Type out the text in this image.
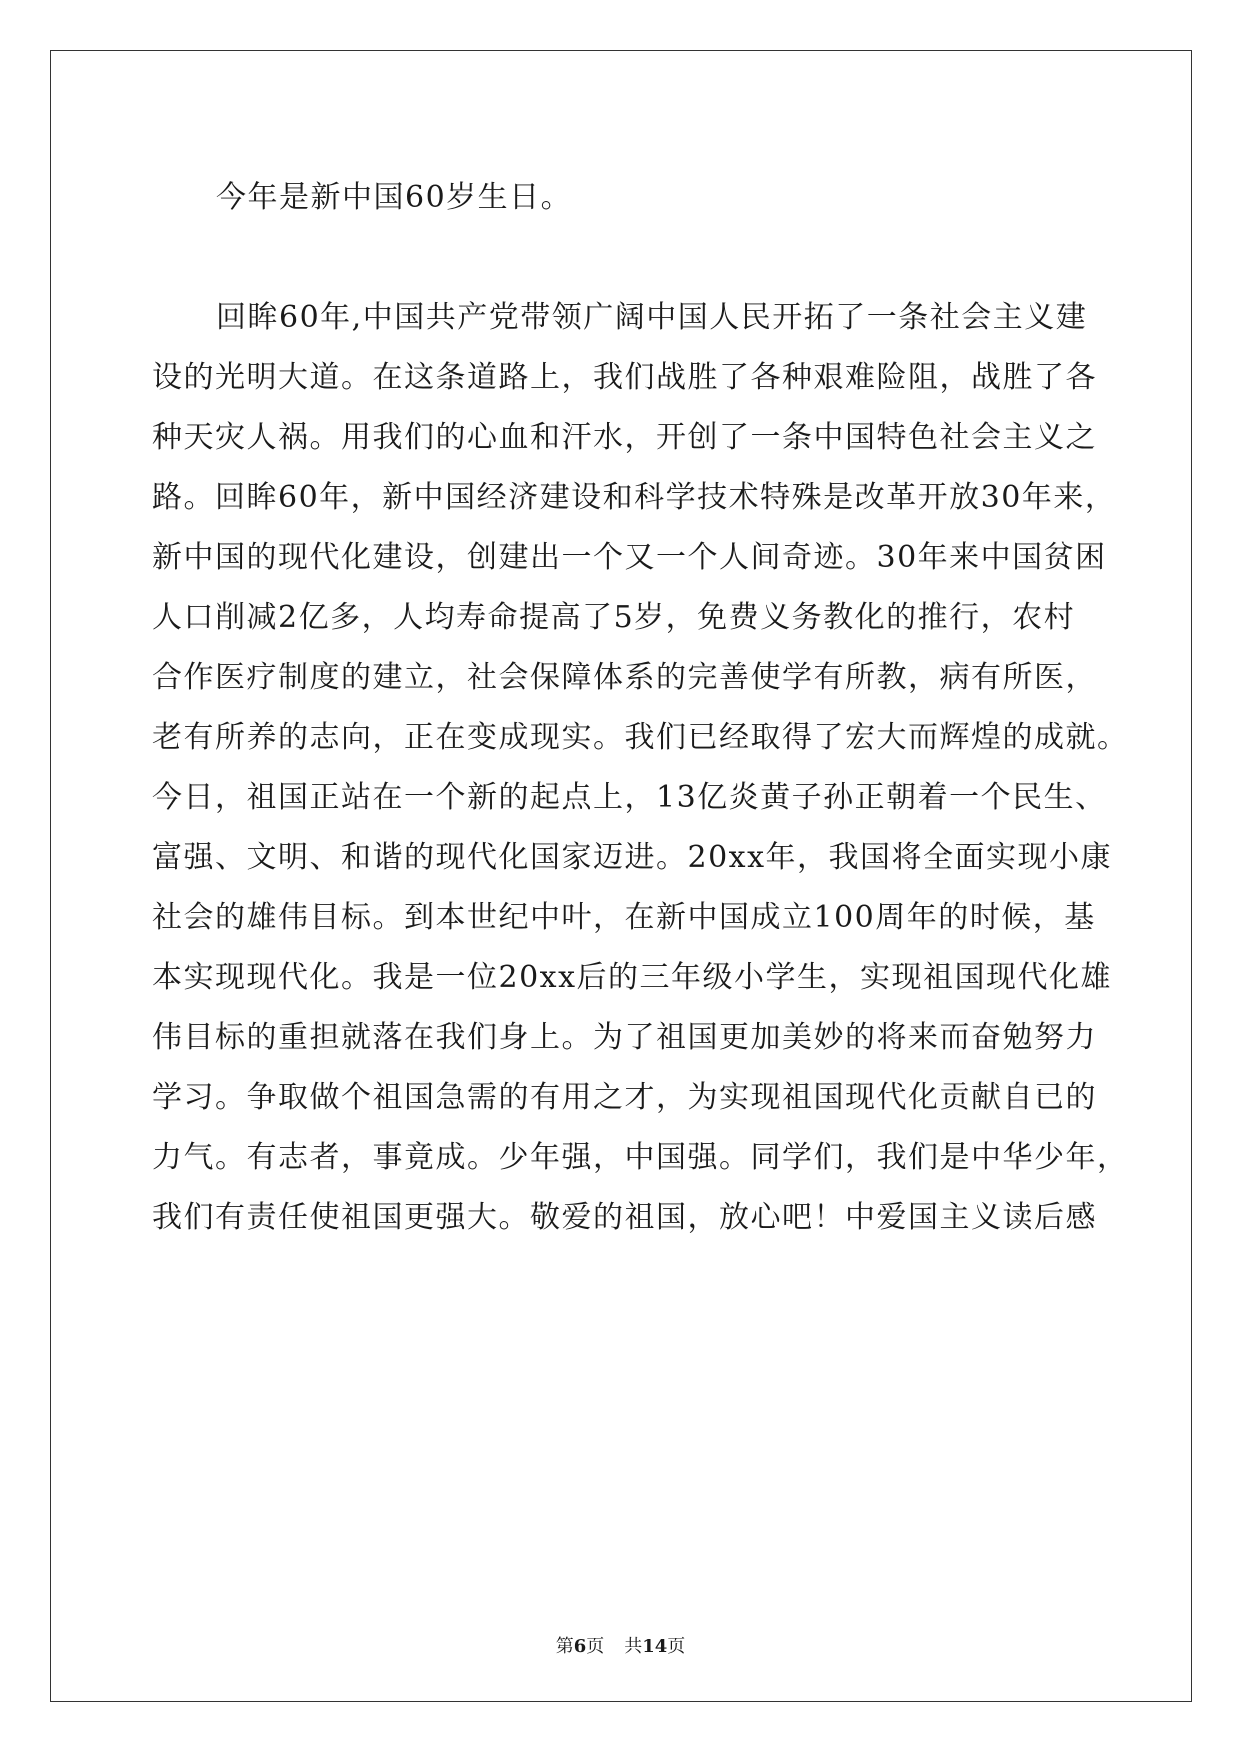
今年是新中国60岁生日。
回眸60年,中国共产党带领广阔中国人民开拓了一条社会主义建
设的光明大道。在这条道路上，我们战胜了各种艰难险阻，战胜了各
种天灾人祸。用我们的心血和汗水，开创了一条中国特色社会主义之
路。回眸60年，新中国经济建设和科学技术特殊是改革开放30年来，
新中国的现代化建设，创建出一个又一个人间奇迹。30年来中国贫困
人口削减2亿多，人均寿命提高了5岁，免费义务教化的推行，农村
合作医疗制度的建立，社会保障体系的完善使学有所教，病有所医，
老有所养的志向，正在变成现实。我们已经取得了宏大而辉煌的成就。
今日，祖国正站在一个新的起点上，13亿炎黄子孙正朝着一个民生、
富强、文明、和谐的现代化国家迈进。20xx年，我国将全面实现小康
社会的雄伟目标。到本世纪中叶，在新中国成立100周年的时候，基
本实现现代化。我是一位20xx后的三年级小学生，实现祖国现代化雄
伟目标的重担就落在我们身上。为了祖国更加美妙的将来而奋勉努力
学习。争取做个祖国急需的有用之才，为实现祖国现代化贡献自已的
力气。有志者，事竟成。少年强，中国强。同学们，我们是中华少年，
我们有责任使祖国更强大。敬爱的祖国，放心吧！中爱国主义读后感
第6页 共14页
